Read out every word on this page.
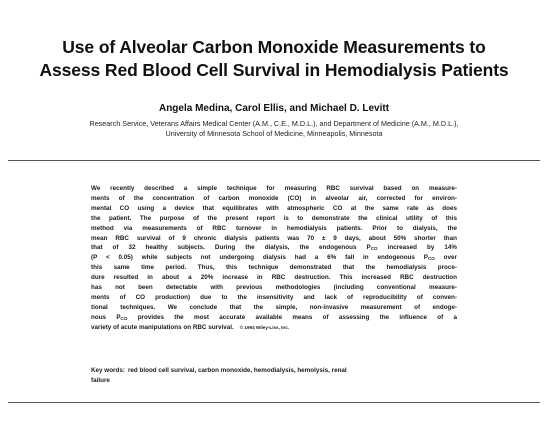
Use of Alveolar Carbon Monoxide Measurements to
Assess Red Blood Cell Survival in Hemodialysis Patients
Angela Medina, Carol Ellis, and Michael D. Levitt
Research Service, Veterans Affairs Medical Center (A.M., C.E., M.D.L.), and Department of Medicine (A.M., M.D.L.),
University of Minnesota School of Medicine, Minneapolis, Minnesota
We recently described a simple technique for measuring RBC survival based on measure-
ments of the concentration of carbon monoxide (CO) in alveolar air, corrected for environ-
mental CO using a device that equilibrates with atmospheric CO at the same rate as does
the patient. The purpose of the present report is to demonstrate the clinical utility of this
method via measurements of RBC turnover in hemodialysis patients. Prior to dialysis, the
mean RBC survival of 9 chronic dialysis patients was 70 ± 9 days, about 50% shorter than
that of 32 healthy subjects. During the dialysis, the endogenous $P_{CO}$ increased by 14%
(P < 0.05) while subjects not undergoing dialysis had a 6% fall in endogenous $P_{CO}$ over
this same time period. Thus, this technique demonstrated that the hemodialysis proce-
dure resulted in about a 20% increase in RBC destruction. This increased RBC destruction
has not been detectable with previous methodologies (including conventional measure-
ments of CO production) due to the insensitivity and lack of reproducibility of conven-
tional techniques. We conclude that the simple, non-invasive measurement of endoge-
nous $P_{CO}$ provides the most accurate available means of assessing the influence of a
variety of acute manipulations on RBC survival. © 1994 Wiley-Liss, Inc.
Key words: red blood cell survival, carbon monoxide, hemodialysis, hemolysis, renal
failure
